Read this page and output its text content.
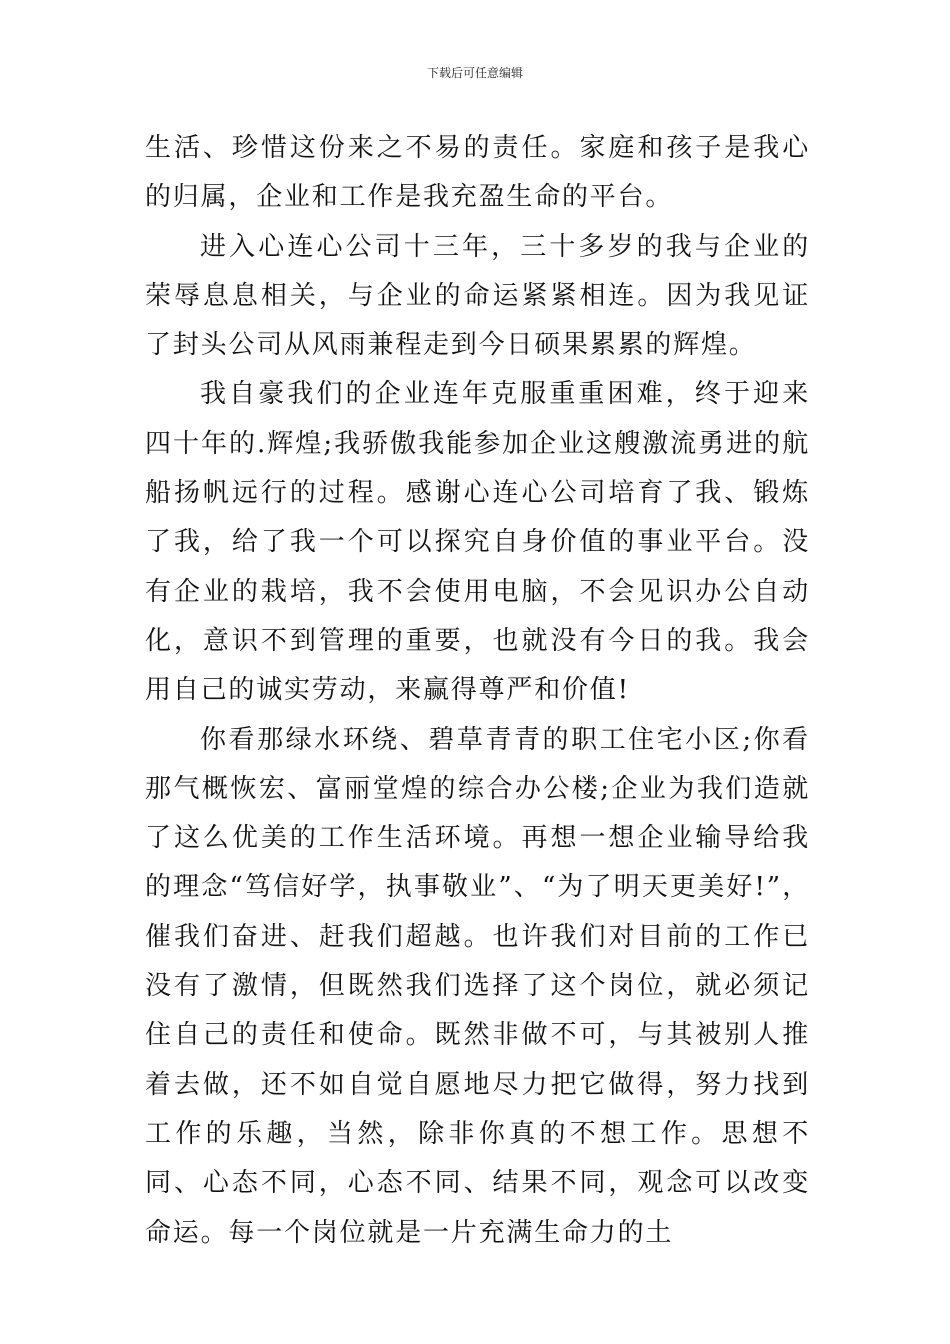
下载后可任意编辑

生活、珍惜这份来之不易的责任。家庭和孩子是我心的归属，企业和工作是我充盈生命的平台。

进入心连心公司十三年，三十多岁的我与企业的荣辱息息相关，与企业的命运紧紧相连。因为我见证了封头公司从风雨兼程走到今日硕果累累的辉煌。

我自豪我们的企业连年克服重重困难，终于迎来四十年的.辉煌;我骄傲我能参加企业这艘激流勇进的航船扬帆远行的过程。感谢心连心公司培育了我、锻炼了我，给了我一个可以探究自身价值的事业平台。没有企业的栽培，我不会使用电脑，不会见识办公自动化，意识不到管理的重要，也就没有今日的我。我会用自己的诚实劳动，来赢得尊严和价值!

你看那绿水环绕、碧草青青的职工住宅小区;你看那气概恢宏、富丽堂煌的综合办公楼;企业为我们造就了这么优美的工作生活环境。再想一想企业输导给我的理念“笃信好学，执事敬业”、“为了明天更美好!”，催我们奋进、赶我们超越。也许我们对目前的工作已没有了激情，但既然我们选择了这个岗位，就必须记住自己的责任和使命。既然非做不可，与其被别人推着去做，还不如自觉自愿地尽力把它做得，努力找到工作的乐趣，当然，除非你真的不想工作。思想不同、心态不同，心态不同、结果不同，观念可以改变命运。每一个岗位就是一片充满生命力的土
